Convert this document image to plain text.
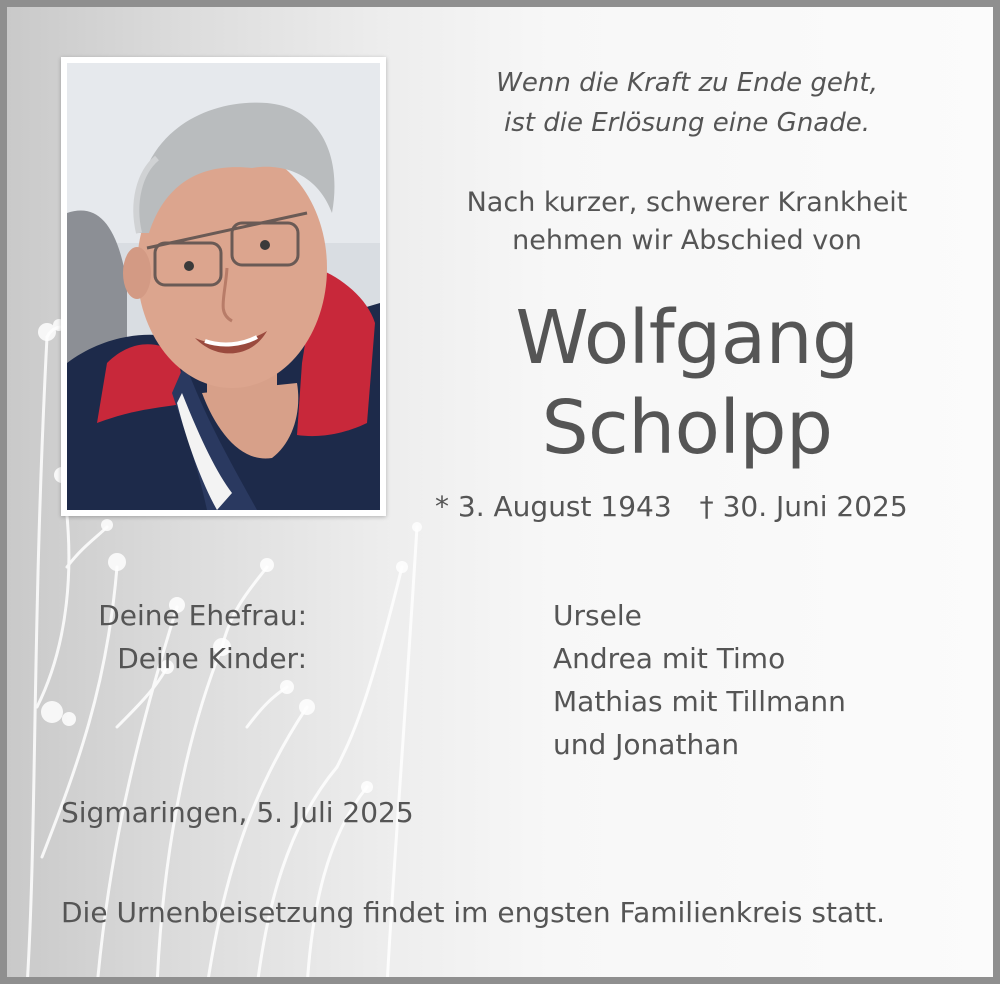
Wenn die Kraft zu Ende geht,
ist die Erlösung eine Gnade.
Nach kurzer, schwerer Krankheit
nehmen wir Abschied von
Wolfgang
Scholpp
* 3. August 1943 † 30. Juni 2025
Deine Ehefrau:	Ursele
Deine Kinder:	Andrea mit Timo
Mathias mit Tillmann
und Jonathan
Sigmaringen, 5. Juli 2025
Die Urnenbeisetzung findet im engsten Familienkreis statt.
